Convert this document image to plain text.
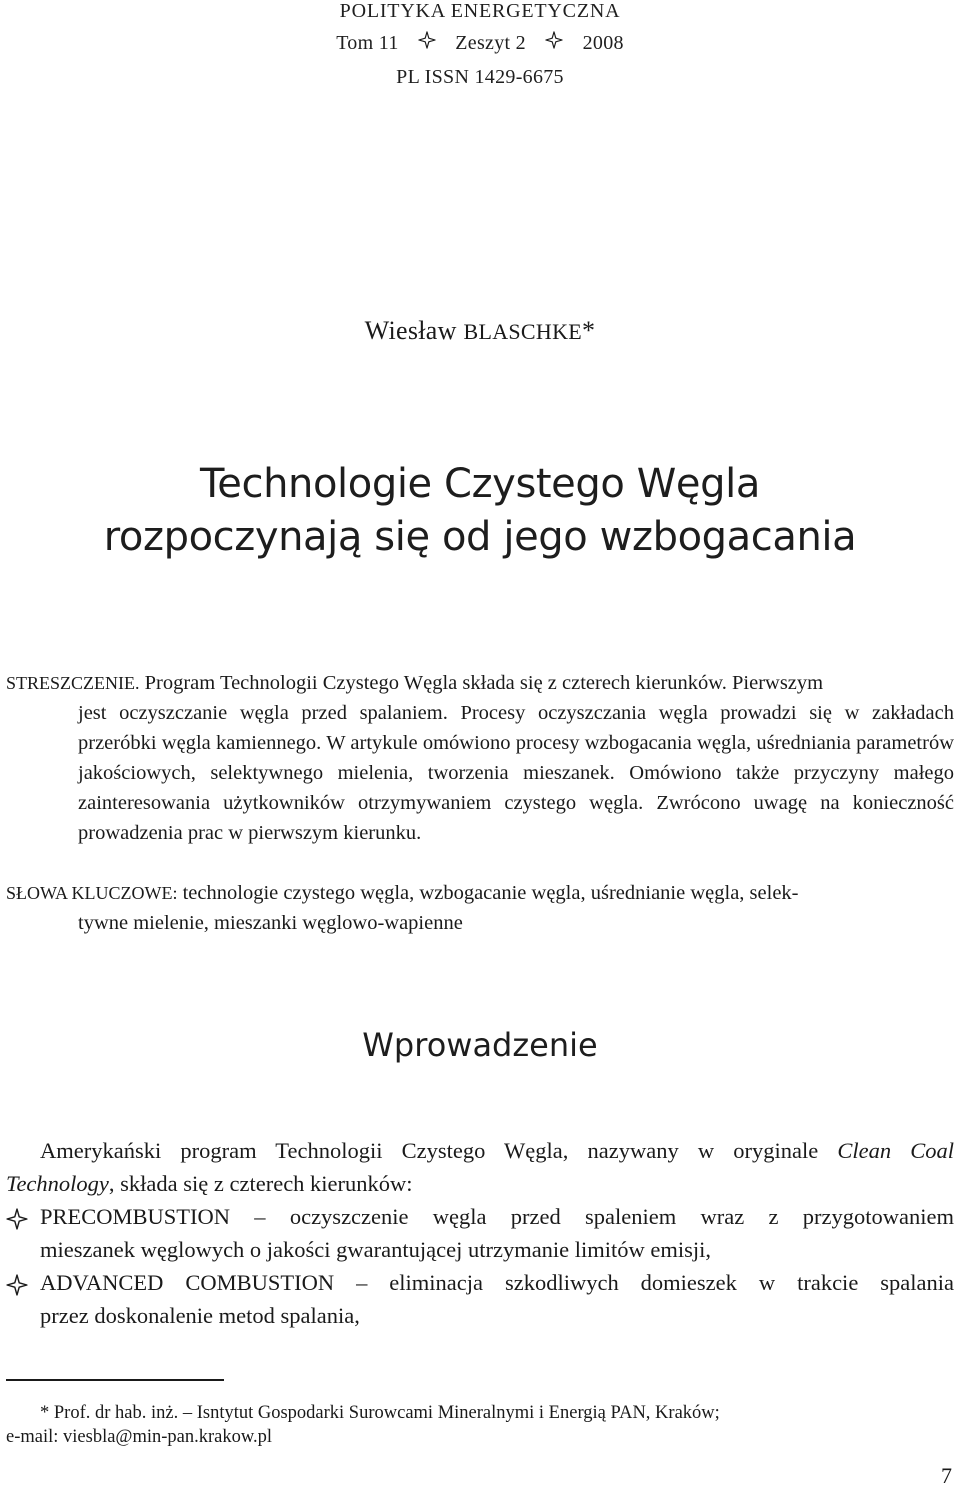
POLITYKA ENERGETYCZNA
Tom 11	Zeszyt 2	2008
PL ISSN 1429-6675
Wiesław BLASCHKE*
Technologie Czystego Węgla
rozpoczynają się od jego wzbogacania
STRESZCZENIE. Program Technologii Czystego Węgla składa się z czterech kierunków. Pierwszym
jest oczyszczanie węgla przed spalaniem. Procesy oczyszczania węgla prowadzi się w zakładach przeróbki węgla kamiennego. W artykule omówiono procesy wzbogacania węgla, uśredniania parametrów jakościowych, selektywnego mielenia, tworzenia mieszanek. Omówiono także przyczyny małego zainteresowania użytkowników otrzymywaniem czystego węgla. Zwrócono uwagę na konieczność prowadzenia prac w pierwszym kierunku.
SŁOWA KLUCZOWE: technologie czystego węgla, wzbogacanie węgla, uśrednianie węgla, selek-
tywne mielenie, mieszanki węglowo-wapienne
Wprowadzenie
Amerykański program Technologii Czystego Węgla, nazywany w oryginale Clean Coal
Technology, składa się z czterech kierunków:
PRECOMBUSTION – oczyszczenie węgla przed spaleniem wraz z przygotowaniem
mieszanek węglowych o jakości gwarantującej utrzymanie limitów emisji,
ADVANCED COMBUSTION – eliminacja szkodliwych domieszek w trakcie spalania
przez doskonalenie metod spalania,
* Prof. dr hab. inż. – Isntytut Gospodarki Surowcami Mineralnymi i Energią PAN, Kraków;
e-mail: viesbla@min-pan.krakow.pl
7
